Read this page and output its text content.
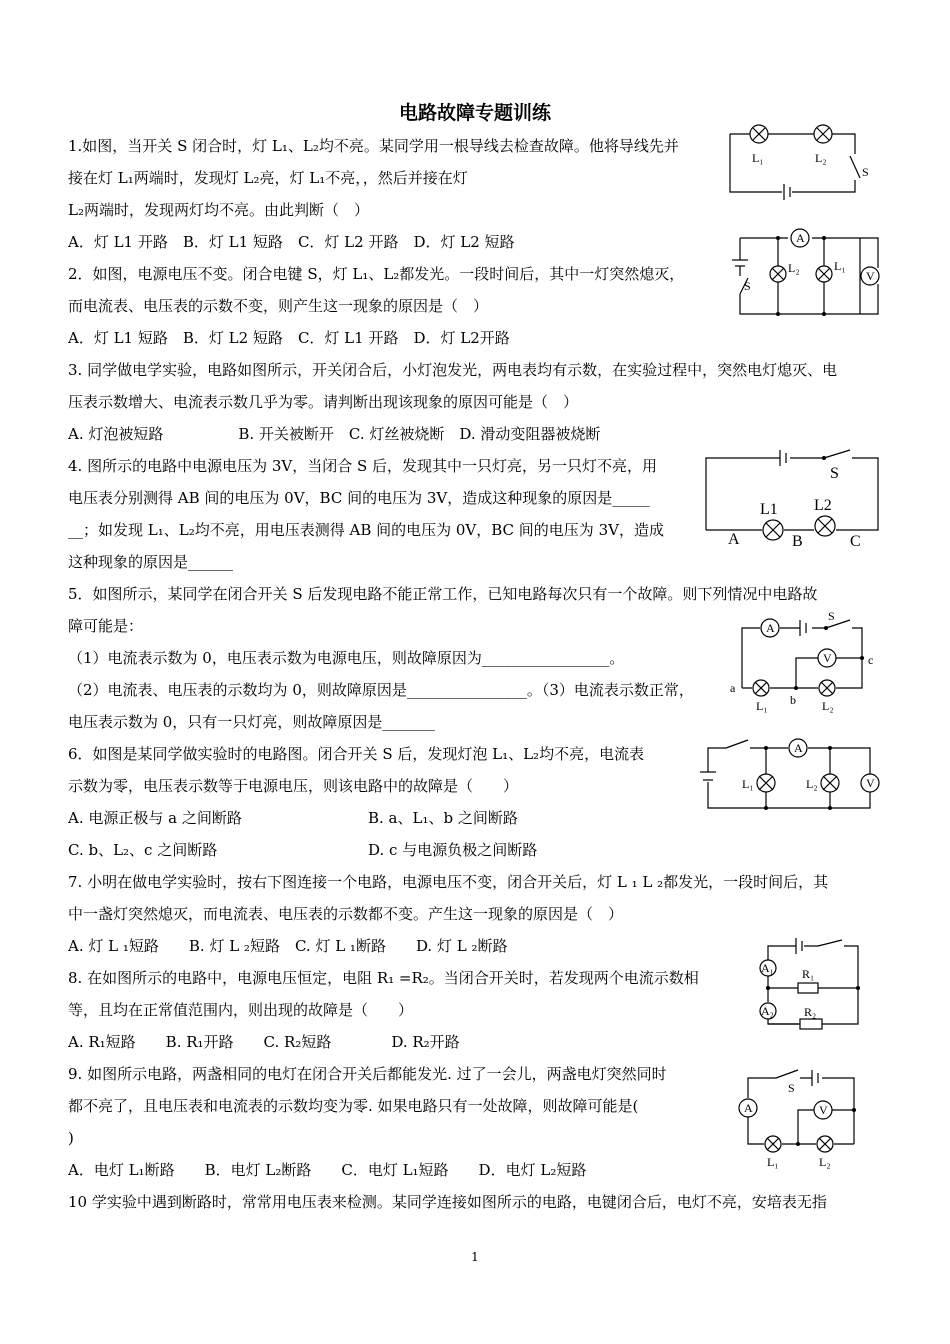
电路故障专题训练
1.如图，当开关 S 闭合时，灯 L₁、L₂均不亮。某同学用一根导线去检查故障。他将导线先并
接在灯 L₁两端时，发现灯 L₂亮，灯 L₁不亮，，然后并接在灯
L₂两端时，发现两灯均不亮。由此判断（　）
A．灯 L1 开路　B．灯 L1 短路　C．灯 L2 开路　D．灯 L2 短路
2．如图，电源电压不变。闭合电键 S，灯 L₁、L₂都发光。一段时间后，其中一灯突然熄灭，
而电流表、电压表的示数不变，则产生这一现象的原因是（　）
A．灯 L1 短路　B．灯 L2 短路　C．灯 L1 开路　D．灯 L2开路
3. 同学做电学实验，电路如图所示，开关闭合后，小灯泡发光，两电表均有示数，在实验过程中，突然电灯熄灭、电
压表示数增大、电流表示数几乎为零。请判断出现该现象的原因可能是（　）
A. 灯泡被短路　　　　　B. 开关被断开　C. 灯丝被烧断　D. 滑动变阻器被烧断
4. 图所示的电路中电源电压为 3V，当闭合 S 后，发现其中一只灯亮，另一只灯不亮，用
电压表分别测得 AB 间的电压为 0V，BC 间的电压为 3V，造成这种现象的原因是_____
__；如发现 L₁、L₂均不亮，用电压表测得 AB 间的电压为 0V，BC 间的电压为 3V，造成
这种现象的原因是______
5．如图所示，某同学在闭合开关 S 后发现电路不能正常工作，已知电路每次只有一个故障。则下列情况中电路故
障可能是：
（1）电流表示数为 0，电压表示数为电源电压，则故障原因为_________________。
（2）电流表、电压表的示数均为 0，则故障原因是________________。（3）电流表示数正常，
电压表示数为 0，只有一只灯亮，则故障原因是_______
6．如图是某同学做实验时的电路图。闭合开关 S 后，发现灯泡 L₁、L₂均不亮，电流表
示数为零，电压表示数等于电源电压，则该电路中的故障是（　　）
A. 电源正极与 a 之间断路	B. a、L₁、b 之间断路
C. b、L₂、c 之间断路	D. c 与电源负极之间断路
7. 小明在做电学实验时，按右下图连接一个电路，电源电压不变，闭合开关后，灯 L ₁ L ₂都发光，一段时间后，其
中一盏灯突然熄灭，而电流表、电压表的示数都不变。产生这一现象的原因是（　）
A. 灯 L ₁短路　　B. 灯 L ₂短路　C. 灯 L ₁断路　　D. 灯 L ₂断路
8. 在如图所示的电路中，电源电压恒定，电阻 R₁ =R₂。当闭合开关时，若发现两个电流示数相
等，且均在正常值范围内，则出现的故障是（　　）
A. R₁短路　　B. R₁开路　　C. R₂短路　　　　D. R₂开路
9. 如图所示电路，两盏相同的电灯在闭合开关后都能发光. 过了一会儿，两盏电灯突然同时
都不亮了，且电压表和电流表的示数均变为零. 如果电路只有一处故障，则故障可能是(
)
A．电灯 L₁断路　　B．电灯 L₂断路　　C．电灯 L₁短路　　D．电灯 L₂短路
10 学实验中遇到断路时，常常用电压表来检测。某同学连接如图所示的电路，电键闭合后，电灯不亮，安培表无指
L₁	L₂
S
A
L₂	L₁
V
S
S
L1 L2
A	B	C
A
S
V	c
a
b
L₁	L₂
A
L₁	L₂	V
A₁
A₂
R₁
R₂
S
A	V
L₁	L₂
1
